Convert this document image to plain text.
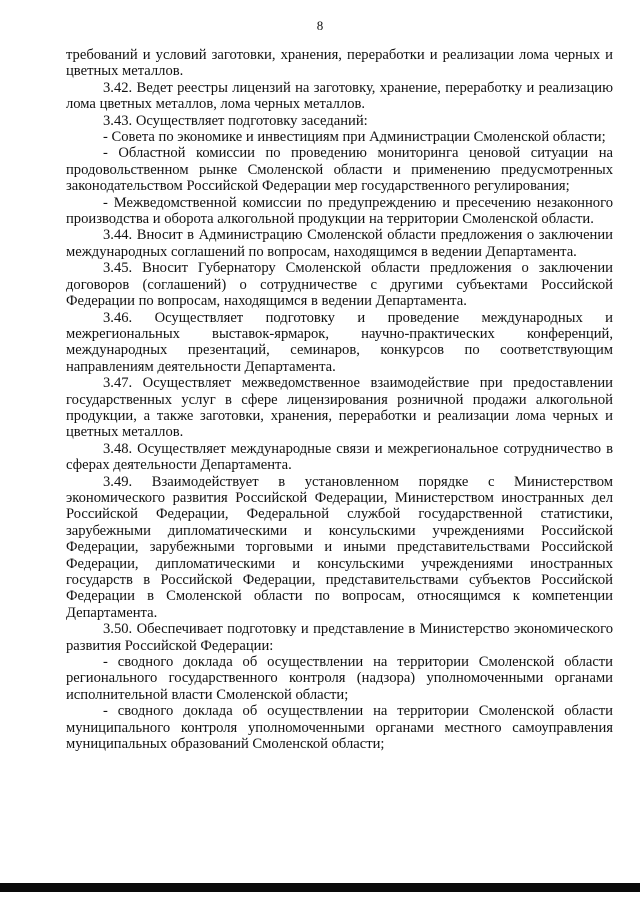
8

требований и условий заготовки, хранения, переработки и реализации лома черных и цветных металлов.

3.42. Ведет реестры лицензий на заготовку, хранение, переработку и реализацию лома цветных металлов, лома черных металлов.

3.43. Осуществляет подготовку заседаний:

- Совета по экономике и инвестициям при Администрации Смоленской области;

- Областной комиссии по проведению мониторинга ценовой ситуации на продовольственном рынке Смоленской области и применению предусмотренных законодательством Российской Федерации мер государственного регулирования;

- Межведомственной комиссии по предупреждению и пресечению незаконного производства и оборота алкогольной продукции на территории Смоленской области.

3.44. Вносит в Администрацию Смоленской области предложения о заключении международных соглашений по вопросам, находящимся в ведении Департамента.

3.45. Вносит Губернатору Смоленской области предложения о заключении договоров (соглашений) о сотрудничестве с другими субъектами Российской Федерации по вопросам, находящимся в ведении Департамента.

3.46. Осуществляет подготовку и проведение международных и межрегиональных выставок-ярмарок, научно-практических конференций, международных презентаций, семинаров, конкурсов по соответствующим направлениям деятельности Департамента.

3.47. Осуществляет межведомственное взаимодействие при предоставлении государственных услуг в сфере лицензирования розничной продажи алкогольной продукции, а также заготовки, хранения, переработки и реализации лома черных и цветных металлов.

3.48. Осуществляет международные связи и межрегиональное сотрудничество в сферах деятельности Департамента.

3.49. Взаимодействует в установленном порядке с Министерством экономического развития Российской Федерации, Министерством иностранных дел Российской Федерации, Федеральной службой государственной статистики, зарубежными дипломатическими и консульскими учреждениями Российской Федерации, зарубежными торговыми и иными представительствами Российской Федерации, дипломатическими и консульскими учреждениями иностранных государств в Российской Федерации, представительствами субъектов Российской Федерации в Смоленской области по вопросам, относящимся к компетенции Департамента.

3.50. Обеспечивает подготовку и представление в Министерство экономического развития Российской Федерации:

- сводного доклада об осуществлении на территории Смоленской области регионального государственного контроля (надзора) уполномоченными органами исполнительной власти Смоленской области;

- сводного доклада об осуществлении на территории Смоленской области муниципального контроля уполномоченными органами местного самоуправления муниципальных образований Смоленской области;
